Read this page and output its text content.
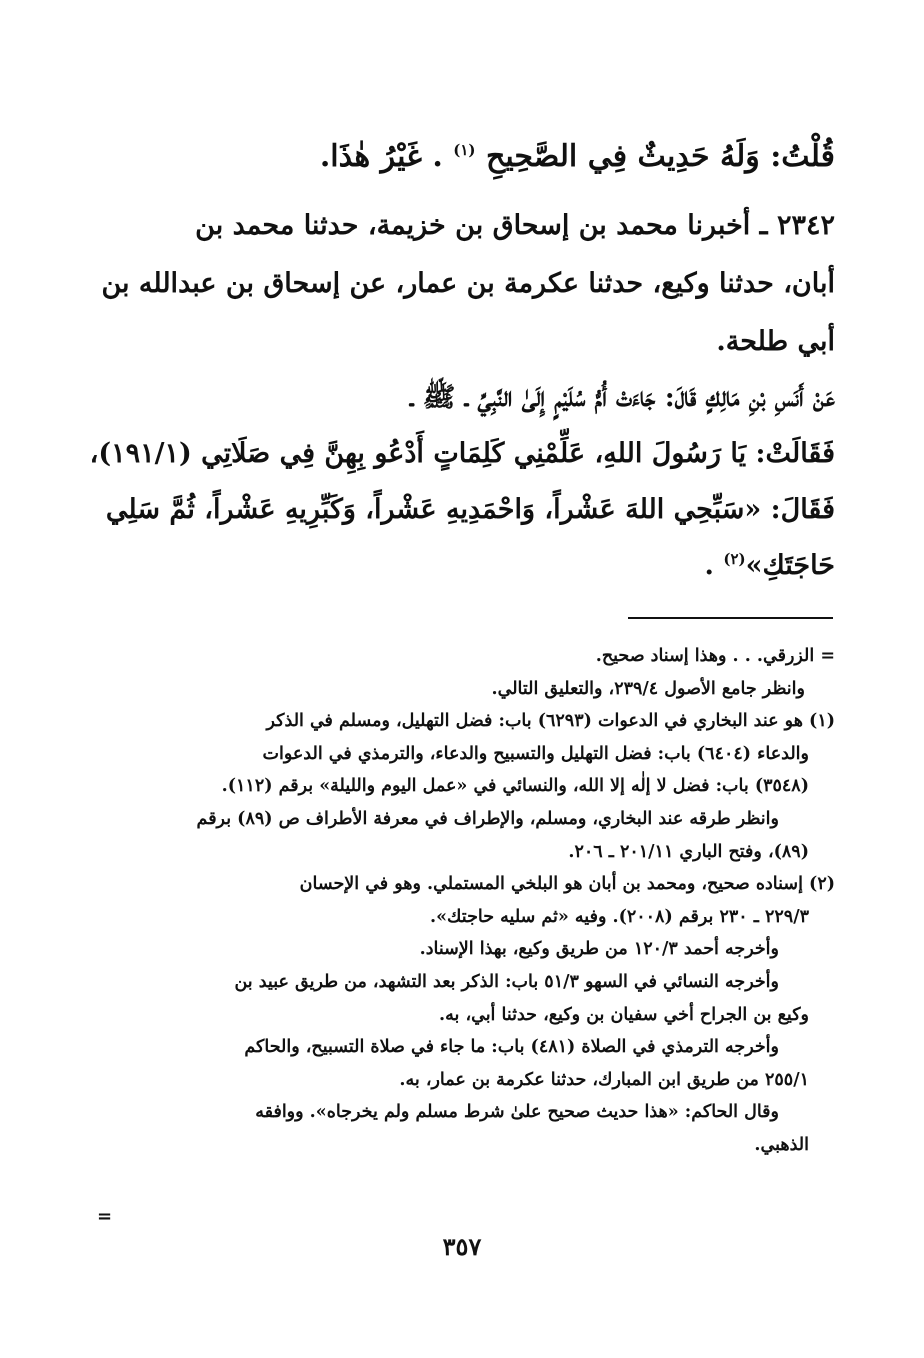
قُلْتُ: وَلَهُ حَدِيثٌ فِي الصَّحِيحِ $^{(١)}$ . غَيْرُ هٰذَا.
٢٣٤٢ ـ أخبرنا محمد بن إسحاق بن خزيمة، حدثنا محمد بن
أبان، حدثنا وكيع، حدثنا عكرمة بن عمار، عن إسحاق بن عبدالله بن
أبي طلحة.
عَنْ أَنَسِ بْنِ مَالِكٍ قَالَ: جَاءَتْ أُمُّ سُلَيْمٍ إِلَىٰ النَّبِيِّ ـ ﷺ ـ
فَقَالَتْ: يَا رَسُولَ اللهِ، عَلِّمْنِي كَلِمَاتٍ أَدْعُو بِهِنَّ فِي صَلَاتِي (١٩١/١)،
فَقَالَ: «سَبِّحِي اللهَ عَشْراً، وَاحْمَدِيهِ عَشْراً، وَكَبِّرِيهِ عَشْراً، ثُمَّ سَلِي
حَاجَتَكِ»$^{(٢)}$ .
= الزرقي. . . وهذا إسناد صحيح.
وانظر جامع الأصول ٢٣٩/٤، والتعليق التالي.
(١) هو عند البخاري في الدعوات (٦٢٩٣) باب: فضل التهليل، ومسلم في الذكر
والدعاء (٦٤٠٤) باب: فضل التهليل والتسبيح والدعاء، والترمذي في الدعوات
(٣٥٤٨) باب: فضل لا إلٰه إلا الله، والنسائي في «عمل اليوم والليلة» برقم (١١٢).
وانظر طرقه عند البخاري، ومسلم، والإطراف في معرفة الأطراف ص (٨٩) برقم
(٨٩)، وفتح الباري ٢٠١/١١ ـ ٢٠٦.
(٢) إسناده صحيح، ومحمد بن أبان هو البلخي المستملي. وهو في الإحسان
٢٢٩/٣ ـ ٢٣٠ برقم (٢٠٠٨). وفيه «ثم سليه حاجتك».
وأخرجه أحمد ١٢٠/٣ من طريق وكيع، بهذا الإسناد.
وأخرجه النسائي في السهو ٥١/٣ باب: الذكر بعد التشهد، من طريق عبيد بن
وكيع بن الجراح أخي سفيان بن وكيع، حدثنا أبي، به.
وأخرجه الترمذي في الصلاة (٤٨١) باب: ما جاء في صلاة التسبيح، والحاكم
٢٥٥/١ من طريق ابن المبارك، حدثنا عكرمة بن عمار، به.
وقال الحاكم: «هذا حديث صحيح علىٰ شرط مسلم ولم يخرجاه». ووافقه
الذهبي.
=
٣٥٧
